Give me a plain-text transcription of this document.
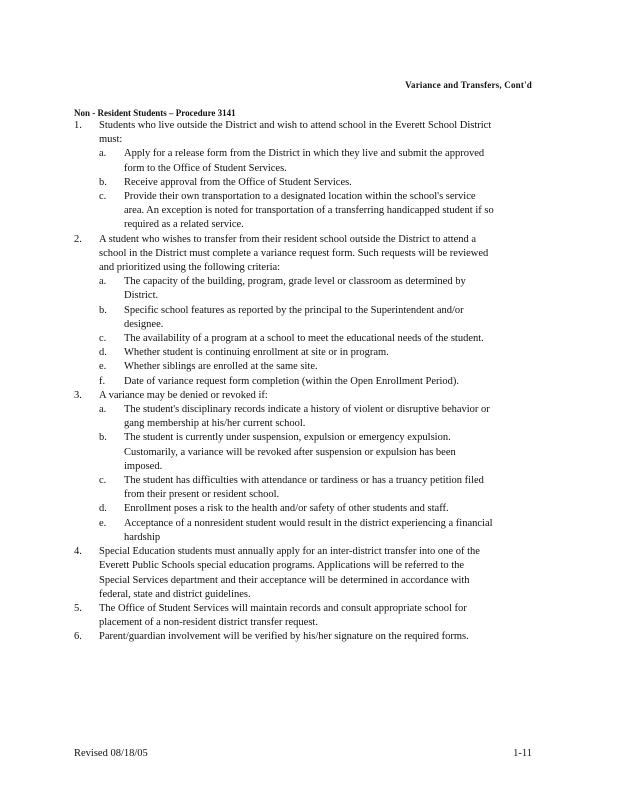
Variance and Transfers, Cont'd
Non - Resident Students – Procedure 3141
1.	Students who live outside the District and wish to attend school in the Everett School District must:
a.	Apply for a release form from the District in which they live and submit the approved form to the Office of Student Services.
b.	Receive approval from the Office of Student Services.
c.	Provide their own transportation to a designated location within the school's service area. An exception is noted for transportation of a transferring handicapped student if so required as a related service.
2.	A student who wishes to transfer from their resident school outside the District to attend a school in the District must complete a variance request form. Such requests will be reviewed and prioritized using the following criteria:
a.	The capacity of the building, program, grade level or classroom as determined by District.
b.	Specific school features as reported by the principal to the Superintendent and/or designee.
c.	The availability of a program at a school to meet the educational needs of the student.
d.	Whether student is continuing enrollment at site or in program.
e.	Whether siblings are enrolled at the same site.
f.	Date of variance request form completion (within the Open Enrollment Period).
3.	A variance may be denied or revoked if:
a.	The student's disciplinary records indicate a history of violent or disruptive behavior or gang membership at his/her current school.
b.	The student is currently under suspension, expulsion or emergency expulsion. Customarily, a variance will be revoked after suspension or expulsion has been imposed.
c.	The student has difficulties with attendance or tardiness or has a truancy petition filed from their present or resident school.
d.	Enrollment poses a risk to the health and/or safety of other students and staff.
e.	Acceptance of a nonresident student would result in the district experiencing a financial hardship
4.	Special Education students must annually apply for an inter-district transfer into one of the Everett Public Schools special education programs. Applications will be referred to the Special Services department and their acceptance will be determined in accordance with federal, state and district guidelines.
5.	The Office of Student Services will maintain records and consult appropriate school for placement of a non-resident district transfer request.
6.	Parent/guardian involvement will be verified by his/her signature on the required forms.
Revised 08/18/05	1-11
